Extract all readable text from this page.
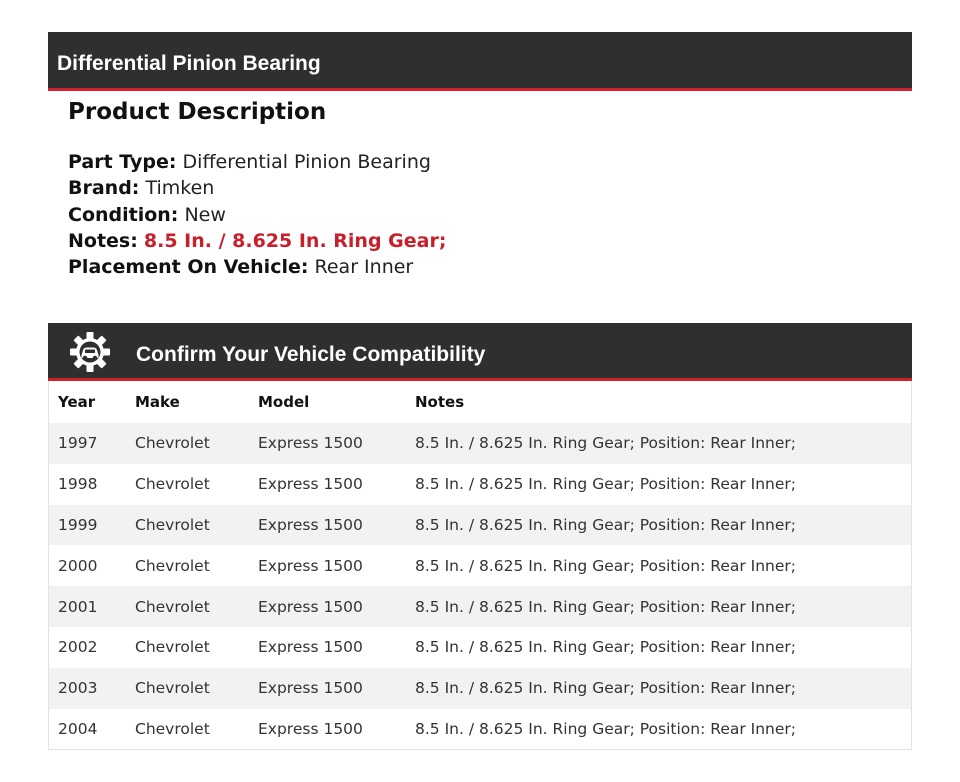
Differential Pinion Bearing
Product Description
Part Type: Differential Pinion Bearing
Brand: Timken
Condition: New
Notes: 8.5 In. / 8.625 In. Ring Gear;
Placement On Vehicle: Rear Inner
Confirm Your Vehicle Compatibility
Year	Make	Model	Notes
1997	Chevrolet	Express 1500	8.5 In. / 8.625 In. Ring Gear; Position: Rear Inner;
1998	Chevrolet	Express 1500	8.5 In. / 8.625 In. Ring Gear; Position: Rear Inner;
1999	Chevrolet	Express 1500	8.5 In. / 8.625 In. Ring Gear; Position: Rear Inner;
2000	Chevrolet	Express 1500	8.5 In. / 8.625 In. Ring Gear; Position: Rear Inner;
2001	Chevrolet	Express 1500	8.5 In. / 8.625 In. Ring Gear; Position: Rear Inner;
2002	Chevrolet	Express 1500	8.5 In. / 8.625 In. Ring Gear; Position: Rear Inner;
2003	Chevrolet	Express 1500	8.5 In. / 8.625 In. Ring Gear; Position: Rear Inner;
2004	Chevrolet	Express 1500	8.5 In. / 8.625 In. Ring Gear; Position: Rear Inner;
